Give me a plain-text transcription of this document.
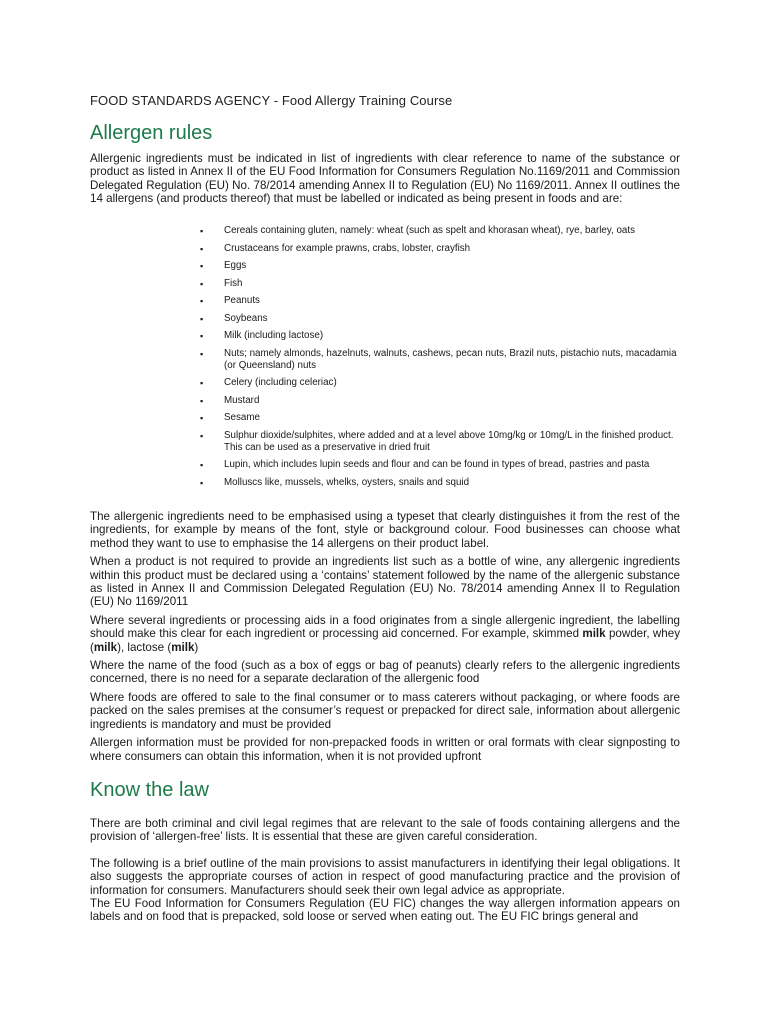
FOOD STANDARDS AGENCY - Food Allergy Training Course
Allergen rules

Allergenic ingredients must be indicated in list of ingredients with clear reference to name of the substance or product as listed in Annex II of the EU Food Information for Consumers Regulation No.1169/2011 and Commission Delegated Regulation (EU) No. 78/2014 amending Annex II to Regulation (EU) No 1169/2011. Annex II outlines the 14 allergens (and products thereof) that must be labelled or indicated as being present in foods and are:

▪ Cereals containing gluten, namely: wheat (such as spelt and khorasan wheat), rye, barley, oats
▪ Crustaceans for example prawns, crabs, lobster, crayfish
▪ Eggs
▪ Fish
▪ Peanuts
▪ Soybeans
▪ Milk (including lactose)
▪ Nuts; namely almonds, hazelnuts, walnuts, cashews, pecan nuts, Brazil nuts, pistachio nuts, macadamia (or Queensland) nuts
▪ Celery (including celeriac)
▪ Mustard
▪ Sesame
▪ Sulphur dioxide/sulphites, where added and at a level above 10mg/kg or 10mg/L in the finished product. This can be used as a preservative in dried fruit
▪ Lupin, which includes lupin seeds and flour and can be found in types of bread, pastries and pasta
▪ Molluscs like, mussels, whelks, oysters, snails and squid

The allergenic ingredients need to be emphasised using a typeset that clearly distinguishes it from the rest of the ingredients, for example by means of the font, style or background colour. Food businesses can choose what method they want to use to emphasise the 14 allergens on their product label.

When a product is not required to provide an ingredients list such as a bottle of wine, any allergenic ingredients within this product must be declared using a ‘contains’ statement followed by the name of the allergenic substance as listed in Annex II and Commission Delegated Regulation (EU) No. 78/2014 amending Annex II to Regulation (EU) No 1169/2011

Where several ingredients or processing aids in a food originates from a single allergenic ingredient, the labelling should make this clear for each ingredient or processing aid concerned. For example, skimmed milk powder, whey (milk), lactose (milk)

Where the name of the food (such as a box of eggs or bag of peanuts) clearly refers to the allergenic ingredients concerned, there is no need for a separate declaration of the allergenic food

Where foods are offered to sale to the final consumer or to mass caterers without packaging, or where foods are packed on the sales premises at the consumer’s request or prepacked for direct sale, information about allergenic ingredients is mandatory and must be provided

Allergen information must be provided for non-prepacked foods in written or oral formats with clear signposting to where consumers can obtain this information, when it is not provided upfront

Know the law

There are both criminal and civil legal regimes that are relevant to the sale of foods containing allergens and the provision of ‘allergen-free’ lists. It is essential that these are given careful consideration.

The following is a brief outline of the main provisions to assist manufacturers in identifying their legal obligations. It also suggests the appropriate courses of action in respect of good manufacturing practice and the provision of information for consumers. Manufacturers should seek their own legal advice as appropriate.

The EU Food Information for Consumers Regulation (EU FIC) changes the way allergen information appears on labels and on food that is prepacked, sold loose or served when eating out. The EU FIC brings general and
